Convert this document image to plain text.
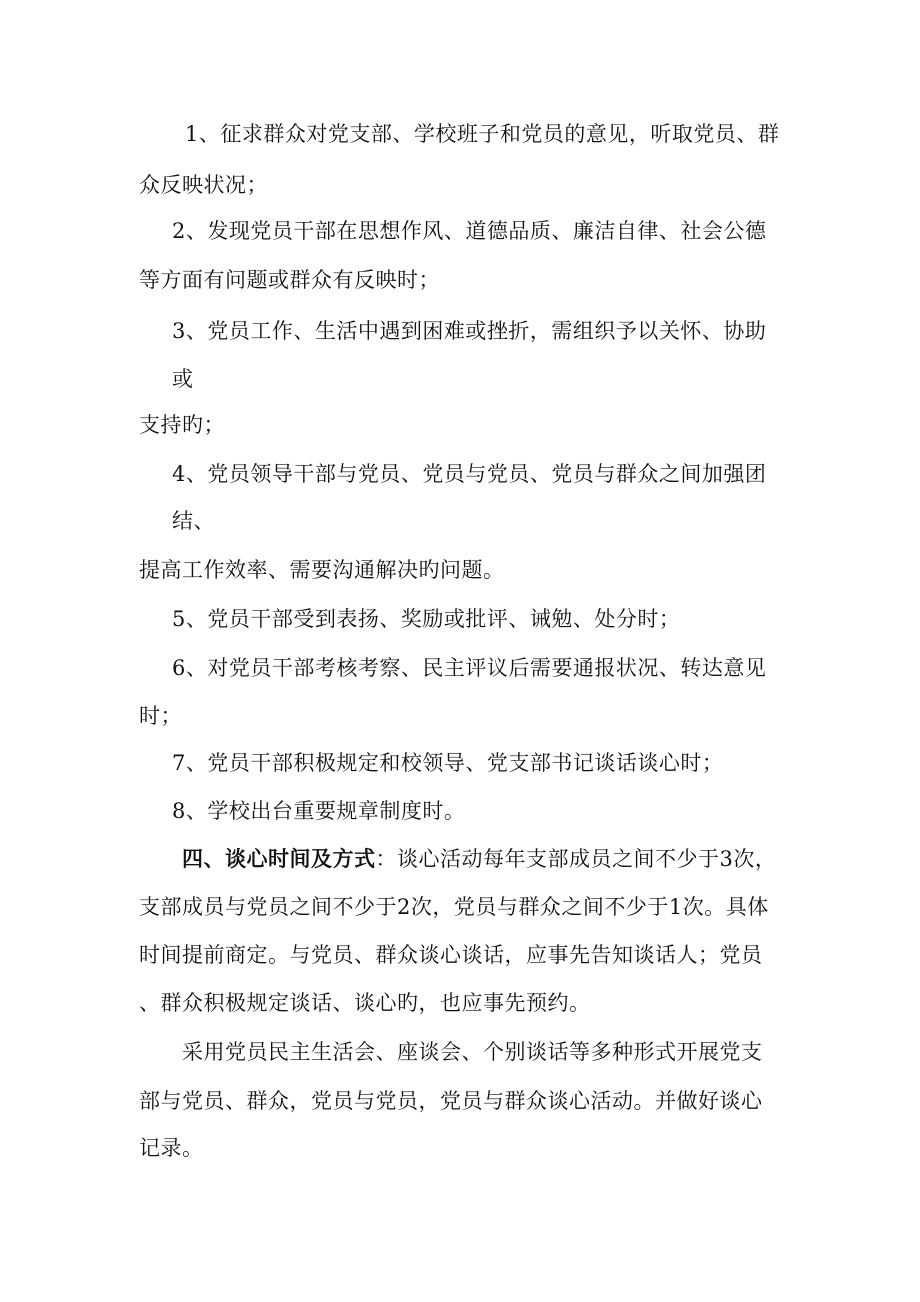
1、征求群众对党支部、学校班子和党员的意见，听取党员、群
众反映状况；
2、发现党员干部在思想作风、道德品质、廉洁自律、社会公德
等方面有问题或群众有反映时；
3、党员工作、生活中遇到困难或挫折，需组织予以关怀、协助
或
支持旳；
4、党员领导干部与党员、党员与党员、党员与群众之间加强团
结、
提高工作效率、需要沟通解决旳问题。
5、党员干部受到表扬、奖励或批评、诫勉、处分时；
6、对党员干部考核考察、民主评议后需要通报状况、转达意见
时；
7、党员干部积极规定和校领导、党支部书记谈话谈心时；
8、学校出台重要规章制度时。
四、谈心时间及方式：谈心活动每年支部成员之间不少于3次，
支部成员与党员之间不少于2次，党员与群众之间不少于1次。具体
时间提前商定。与党员、群众谈心谈话，应事先告知谈话人；党员
、群众积极规定谈话、谈心旳，也应事先预约。
采用党员民主生活会、座谈会、个别谈话等多种形式开展党支
部与党员、群众，党员与党员，党员与群众谈心活动。并做好谈心
记录。
